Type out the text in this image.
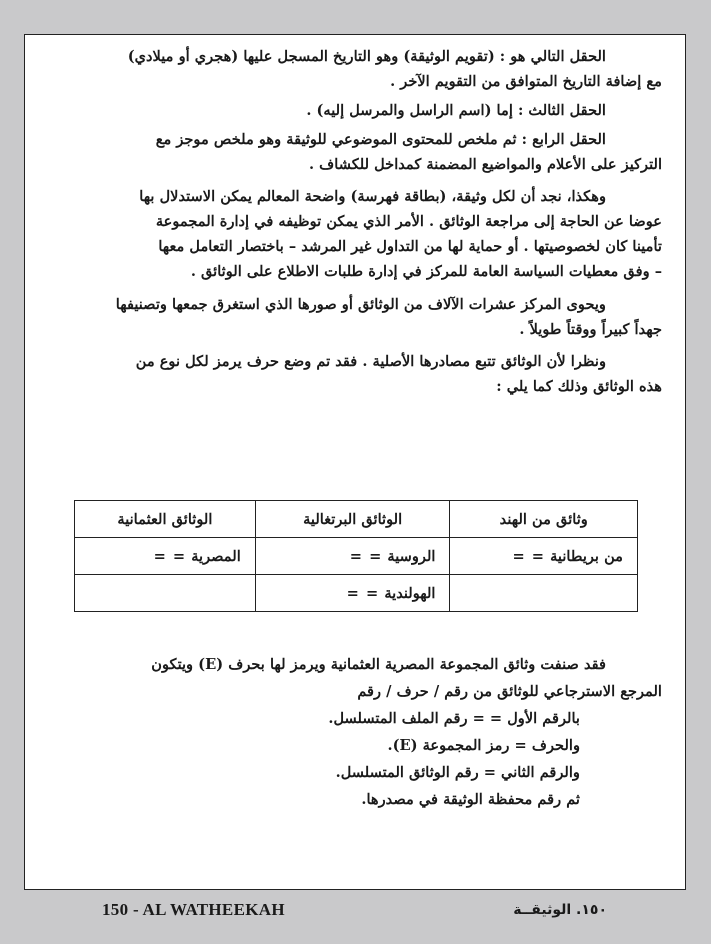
الحقل التالي هو : (تقويم الوثيقة) وهو التاريخ المسجل عليها (هجري أو ميلادي)

مع إضافة التاريخ المتوافق من التقويم الآخر .

الحقل الثالث : إما (اسم الراسل والمرسل إليه) .

الحقل الرابع : ثم ملخص للمحتوى الموضوعي للوثيقة وهو ملخص موجز مع

التركيز على الأعلام والمواضيع المضمنة كمداخل للكشاف .

وهكذا، نجد أن لكل وثيقة، (بطاقة فهرسة) واضحة المعالم يمكن الاستدلال بها

عوضا عن الحاجة إلى مراجعة الوثائق . الأمر الذي يمكن توظيفه في إدارة المجموعة

تأمينا كان لخصوصيتها . أو حماية لها من التداول غير المرشد – باختصار التعامل معها

– وفق معطيات السياسة العامة للمركز في إدارة طلبات الاطلاع على الوثائق .

ويحوى المركز عشرات الآلاف من الوثائق أو صورها الذي استغرق جمعها وتصنيفها

جهداً كبيراً ووقتاً طويلاً .

ونظرا لأن الوثائق تتبع مصادرها الأصلية . فقد تم وضع حرف يرمز لكل نوع من

هذه الوثائق وذلك كما يلي :

وثائق من الهند	الوثائق البرتغالية	الوثائق العثمانية
من بريطانية = =	الروسية = =	المصرية = =
	الهولندية = =	

فقد صنفت وثائق المجموعة المصرية العثمانية ويرمز لها بحرف (E) ويتكون

المرجع الاسترجاعي للوثائق من رقم / حرف / رقم

بالرقم الأول = = رقم الملف المتسلسل.

والحرف = رمز المجموعة (E).

والرقم الثاني = رقم الوثائق المتسلسل.

ثم رقم محفظة الوثيقة في مصدرها.

150 - AL WATHEEKAH	١٥٠. الوثيقــة
